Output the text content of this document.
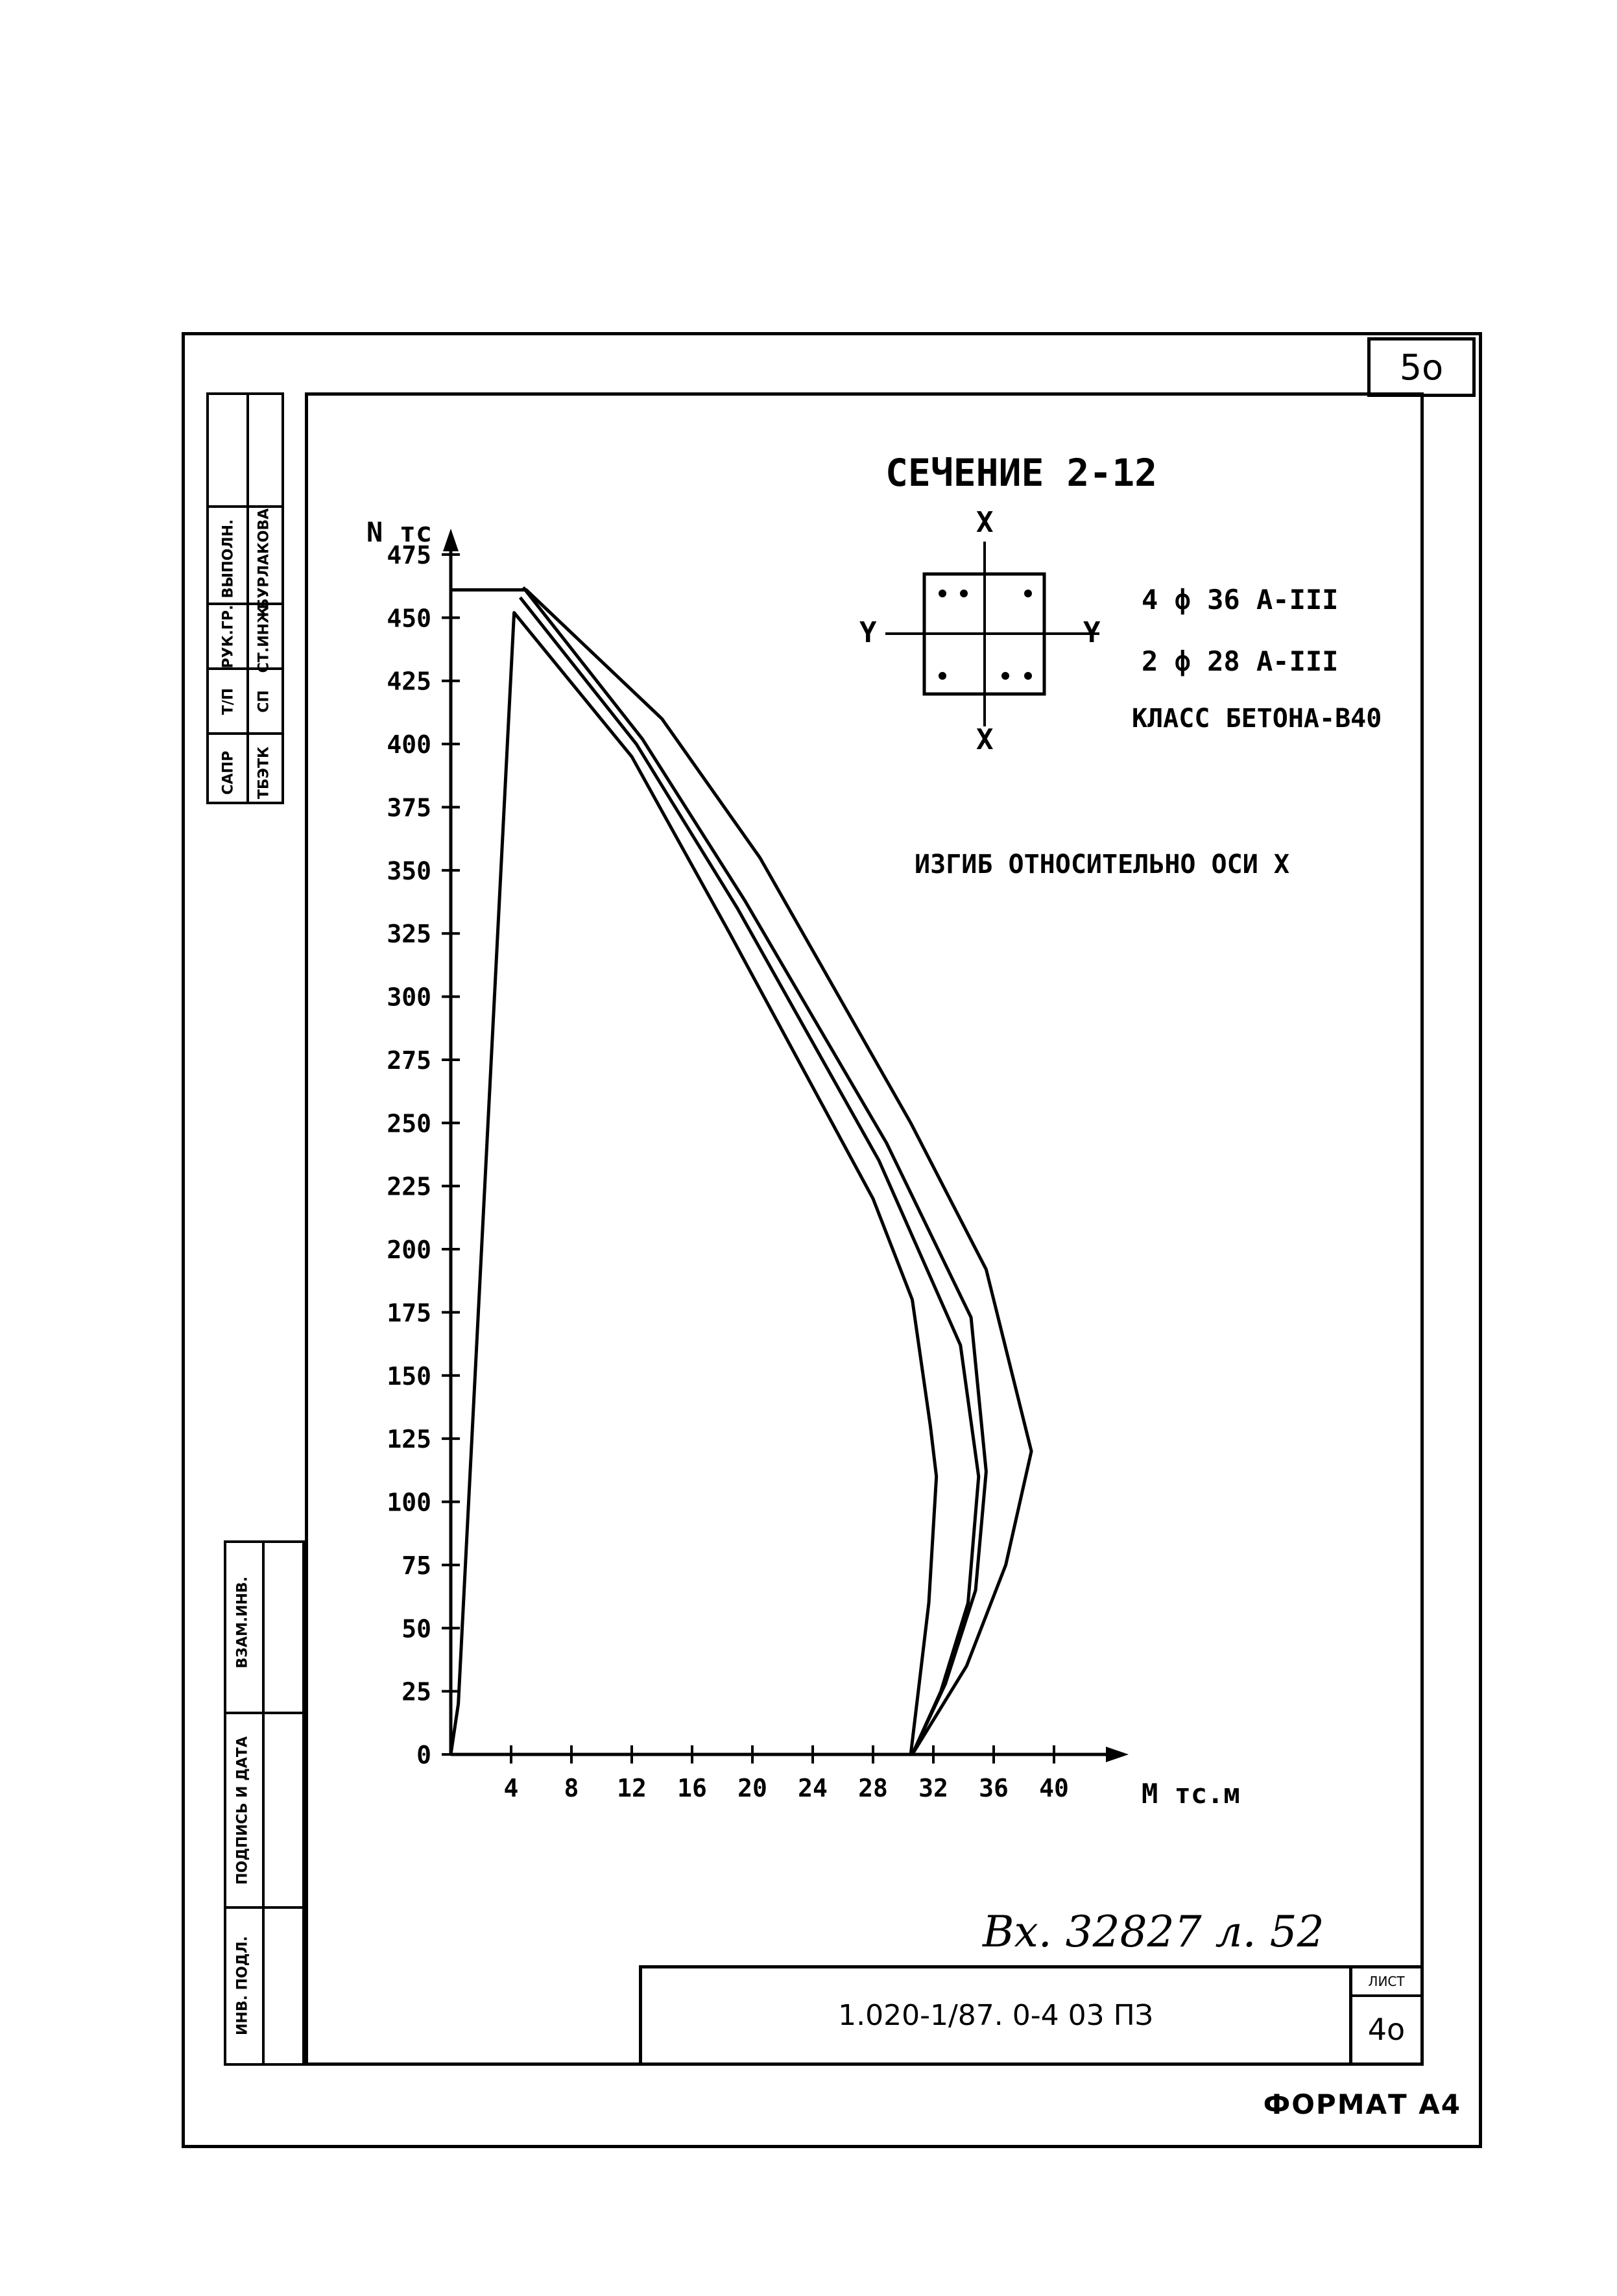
5о
САПР
Т/П
РУК.ГР.
ВЫПОЛН.
ТБЭТК
СП
СТ.ИНЖ.
БУРЛАКОВА
ВЗАМ.ИНВ.
ПОДПИСЬ И ДАТА
ИНВ. ПОДЛ.
СЕЧЕНИЕ 2-12
X
X
Y	Y
4 ф 36 А-III
2 ф 28 А-III
КЛАСС БЕТОНА-В40
ИЗГИБ ОТНОСИТЕЛЬНО ОСИ X
4 8 12 16 20 24 28 32 36 40
0
25
50
75
100
125
150
175
200
225
250
275
300
325
350
375
400
425
450
475
М тс.м
N тс
1.020-1/87. 0-4 03 ПЗ
ЛИСТ
4о
Вх. 32827 л. 52
ФОРМАТ А4
